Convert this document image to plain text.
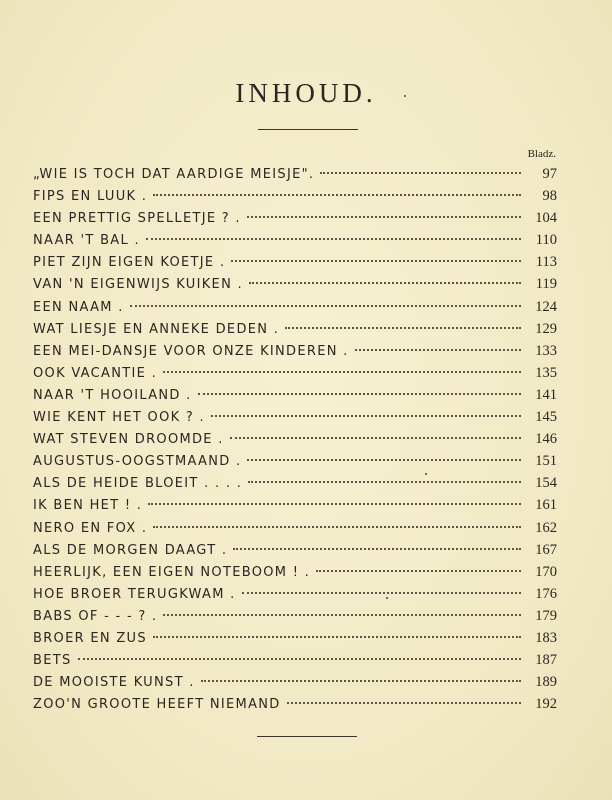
INHOUD.
Bladz.
„WIE IS TOCH DAT AARDIGE MEISJE".	97
FIPS EN LUUK .	98
EEN PRETTIG SPELLETJE ? .	104
NAAR 'T BAL .	110
PIET ZIJN EIGEN KOETJE .	113
VAN 'N EIGENWIJS KUIKEN .	119
EEN NAAM .	124
WAT LIESJE EN ANNEKE DEDEN .	129
EEN MEI-DANSJE VOOR ONZE KINDEREN .	133
OOK VACANTIE .	135
NAAR 'T HOOILAND .	141
WIE KENT HET OOK ? .	145
WAT STEVEN DROOMDE .	146
AUGUSTUS-OOGSTMAAND .	151
ALS DE HEIDE BLOEIT . . . .	154
IK BEN HET ! .	161
NERO EN FOX .	162
ALS DE MORGEN DAAGT .	167
HEERLIJK, EEN EIGEN NOTEBOOM ! .	170
HOE BROER TERUGKWAM .	176
BABS OF - - - ? .	179
BROER EN ZUS	183
BETS	187
DE MOOISTE KUNST .	189
ZOO'N GROOTE HEEFT NIEMAND	192
